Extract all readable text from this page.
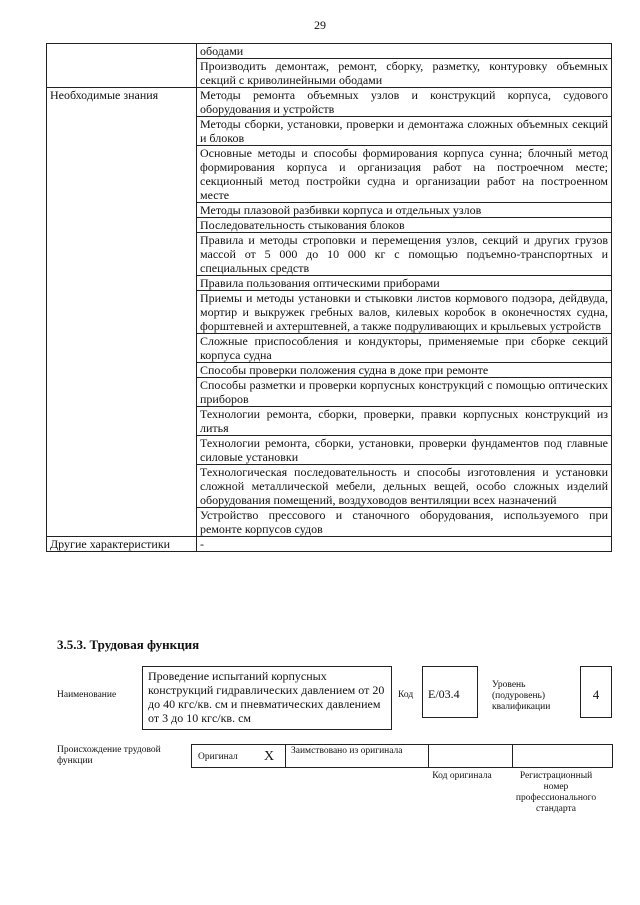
29
	ободами
	Производить демонтаж, ремонт, сборку, разметку, контуровку объемных секций с криволинейными ободами
Необходимые знания	Методы ремонта объемных узлов и конструкций корпуса, судового оборудования и устройств
	Методы сборки, установки, проверки и демонтажа сложных объемных секций и блоков
	Основные методы и способы формирования корпуса сунна; блочный метод формирования корпуса и организация работ на построечном месте; секционный метод постройки судна и организации работ на построенном месте
	Методы плазовой разбивки корпуса и отдельных узлов
	Последовательность стыкования блоков
	Правила и методы строповки и перемещения узлов, секций и других грузов массой от 5 000 до 10 000 кг с помощью подъемно-транспортных и специальных средств
	Правила пользования оптическими приборами
	Приемы и методы установки и стыковки листов кормового подзора, дейдвуда, мортир и выкружек гребных валов, килевых коробок в оконечностях судна, форштевней и ахтерштевней, а также подруливающих и крыльевых устройств
	Сложные приспособления и кондукторы, применяемые при сборке секций корпуса судна
	Способы проверки положения судна в доке при ремонте
	Способы разметки и проверки корпусных конструкций с помощью оптических приборов
	Технологии ремонта, сборки, проверки, правки корпусных конструкций из литья
	Технологии ремонта, сборки, установки, проверки фундаментов под главные силовые установки
	Технологическая последовательность и способы изготовления и установки сложной металлической мебели, дельных вещей, особо сложных изделий оборудования помещений, воздуховодов вентиляции всех назначений
	Устройство прессового и станочного оборудования, используемого при ремонте корпусов судов
Другие характеристики	-
3.5.3. Трудовая функция
Наименование
Проведение испытаний корпусных конструкций гидравлических давлением от 20 до 40 кгс/кв. см и пневматических давлением от 3 до 10 кгс/кв. см
Код	E/03.4
Уровень (подуровень) квалификации
4
Происхождение трудовой функции	Оригинал X Заимствовано из оригинала
Код оригинала	Регистрационный номер профессионального стандарта
